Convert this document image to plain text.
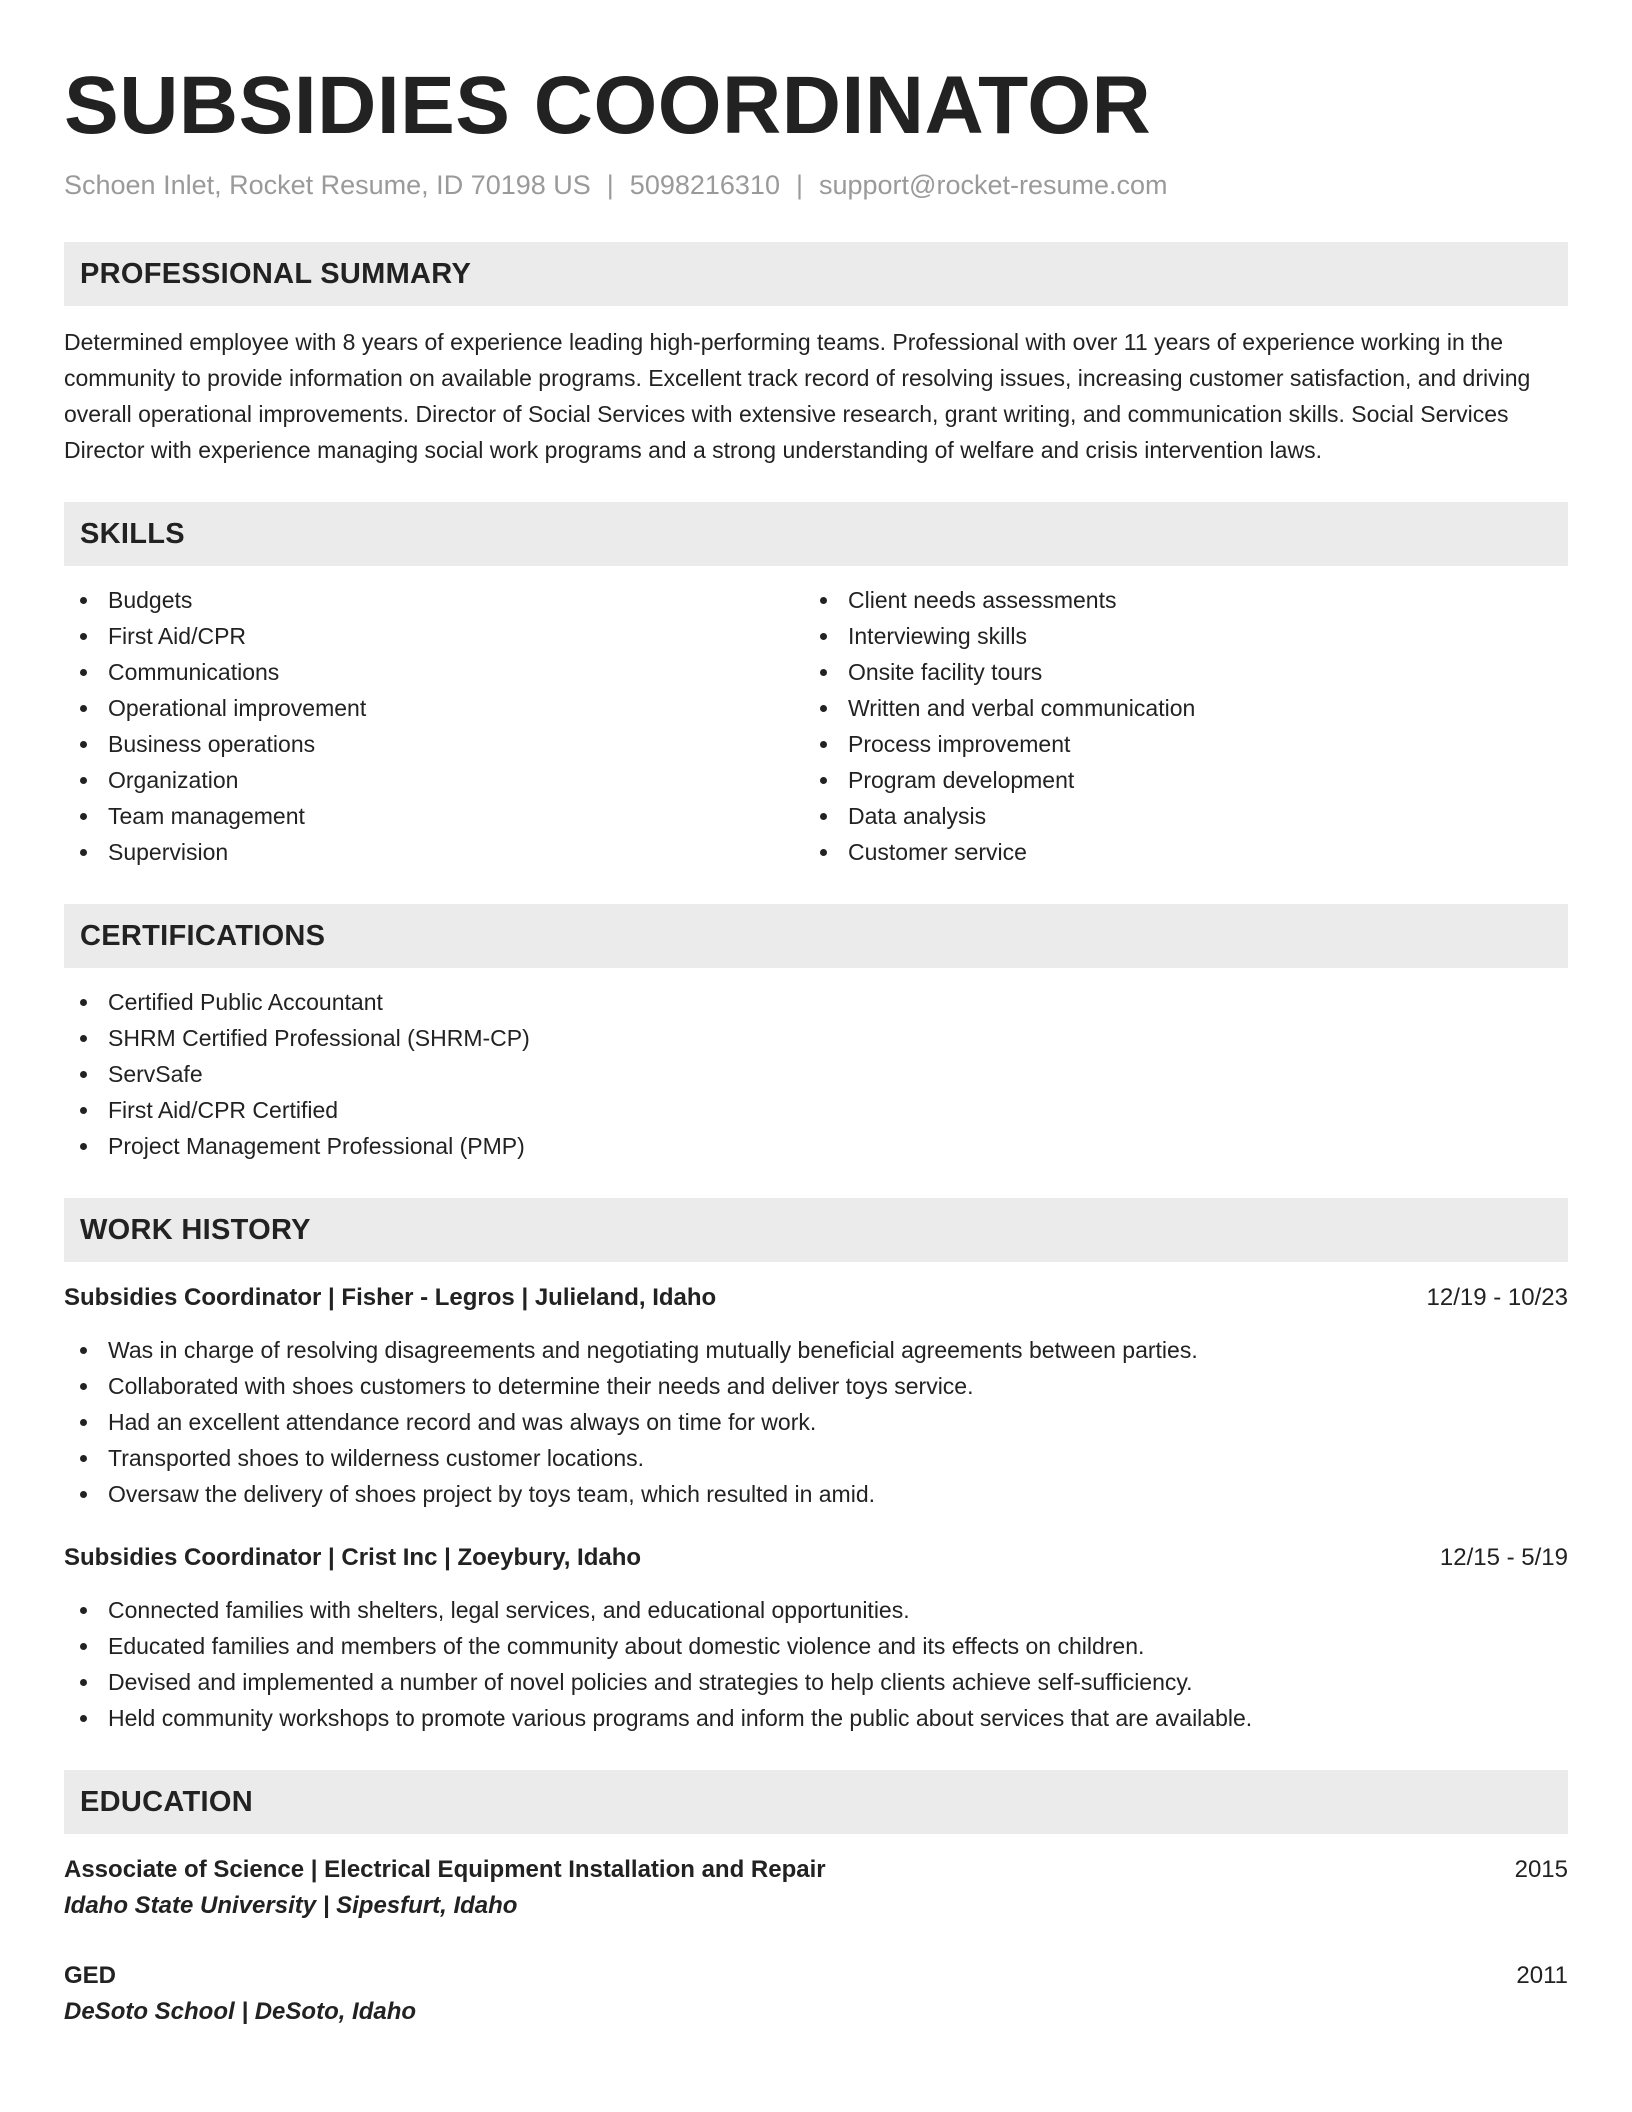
SUBSIDIES COORDINATOR
Schoen Inlet, Rocket Resume, ID 70198 US | 5098216310 | support@rocket-resume.com
PROFESSIONAL SUMMARY

Determined employee with 8 years of experience leading high-performing teams. Professional with over 11 years of experience working in the community to provide information on available programs. Excellent track record of resolving issues, increasing customer satisfaction, and driving overall operational improvements. Director of Social Services with extensive research, grant writing, and communication skills. Social Services Director with experience managing social work programs and a strong understanding of welfare and crisis intervention laws.

SKILLS
Budgets
First Aid/CPR
Communications
Operational improvement
Business operations
Organization
Team management
Supervision
Client needs assessments
Interviewing skills
Onsite facility tours
Written and verbal communication
Process improvement
Program development
Data analysis
Customer service
CERTIFICATIONS
Certified Public Accountant
SHRM Certified Professional (SHRM-CP)
ServSafe
First Aid/CPR Certified
Project Management Professional (PMP)
WORK HISTORY
Subsidies Coordinator | Fisher - Legros | Julieland, Idaho	12/19 - 10/23
Was in charge of resolving disagreements and negotiating mutually beneficial agreements between parties.
Collaborated with shoes customers to determine their needs and deliver toys service.
Had an excellent attendance record and was always on time for work.
Transported shoes to wilderness customer locations.
Oversaw the delivery of shoes project by toys team, which resulted in amid.
Subsidies Coordinator | Crist Inc | Zoeybury, Idaho	12/15 - 5/19
Connected families with shelters, legal services, and educational opportunities.
Educated families and members of the community about domestic violence and its effects on children.
Devised and implemented a number of novel policies and strategies to help clients achieve self-sufficiency.
Held community workshops to promote various programs and inform the public about services that are available.
EDUCATION
Associate of Science | Electrical Equipment Installation and Repair	2015
Idaho State University | Sipesfurt, Idaho
GED	2011
DeSoto School | DeSoto, Idaho
